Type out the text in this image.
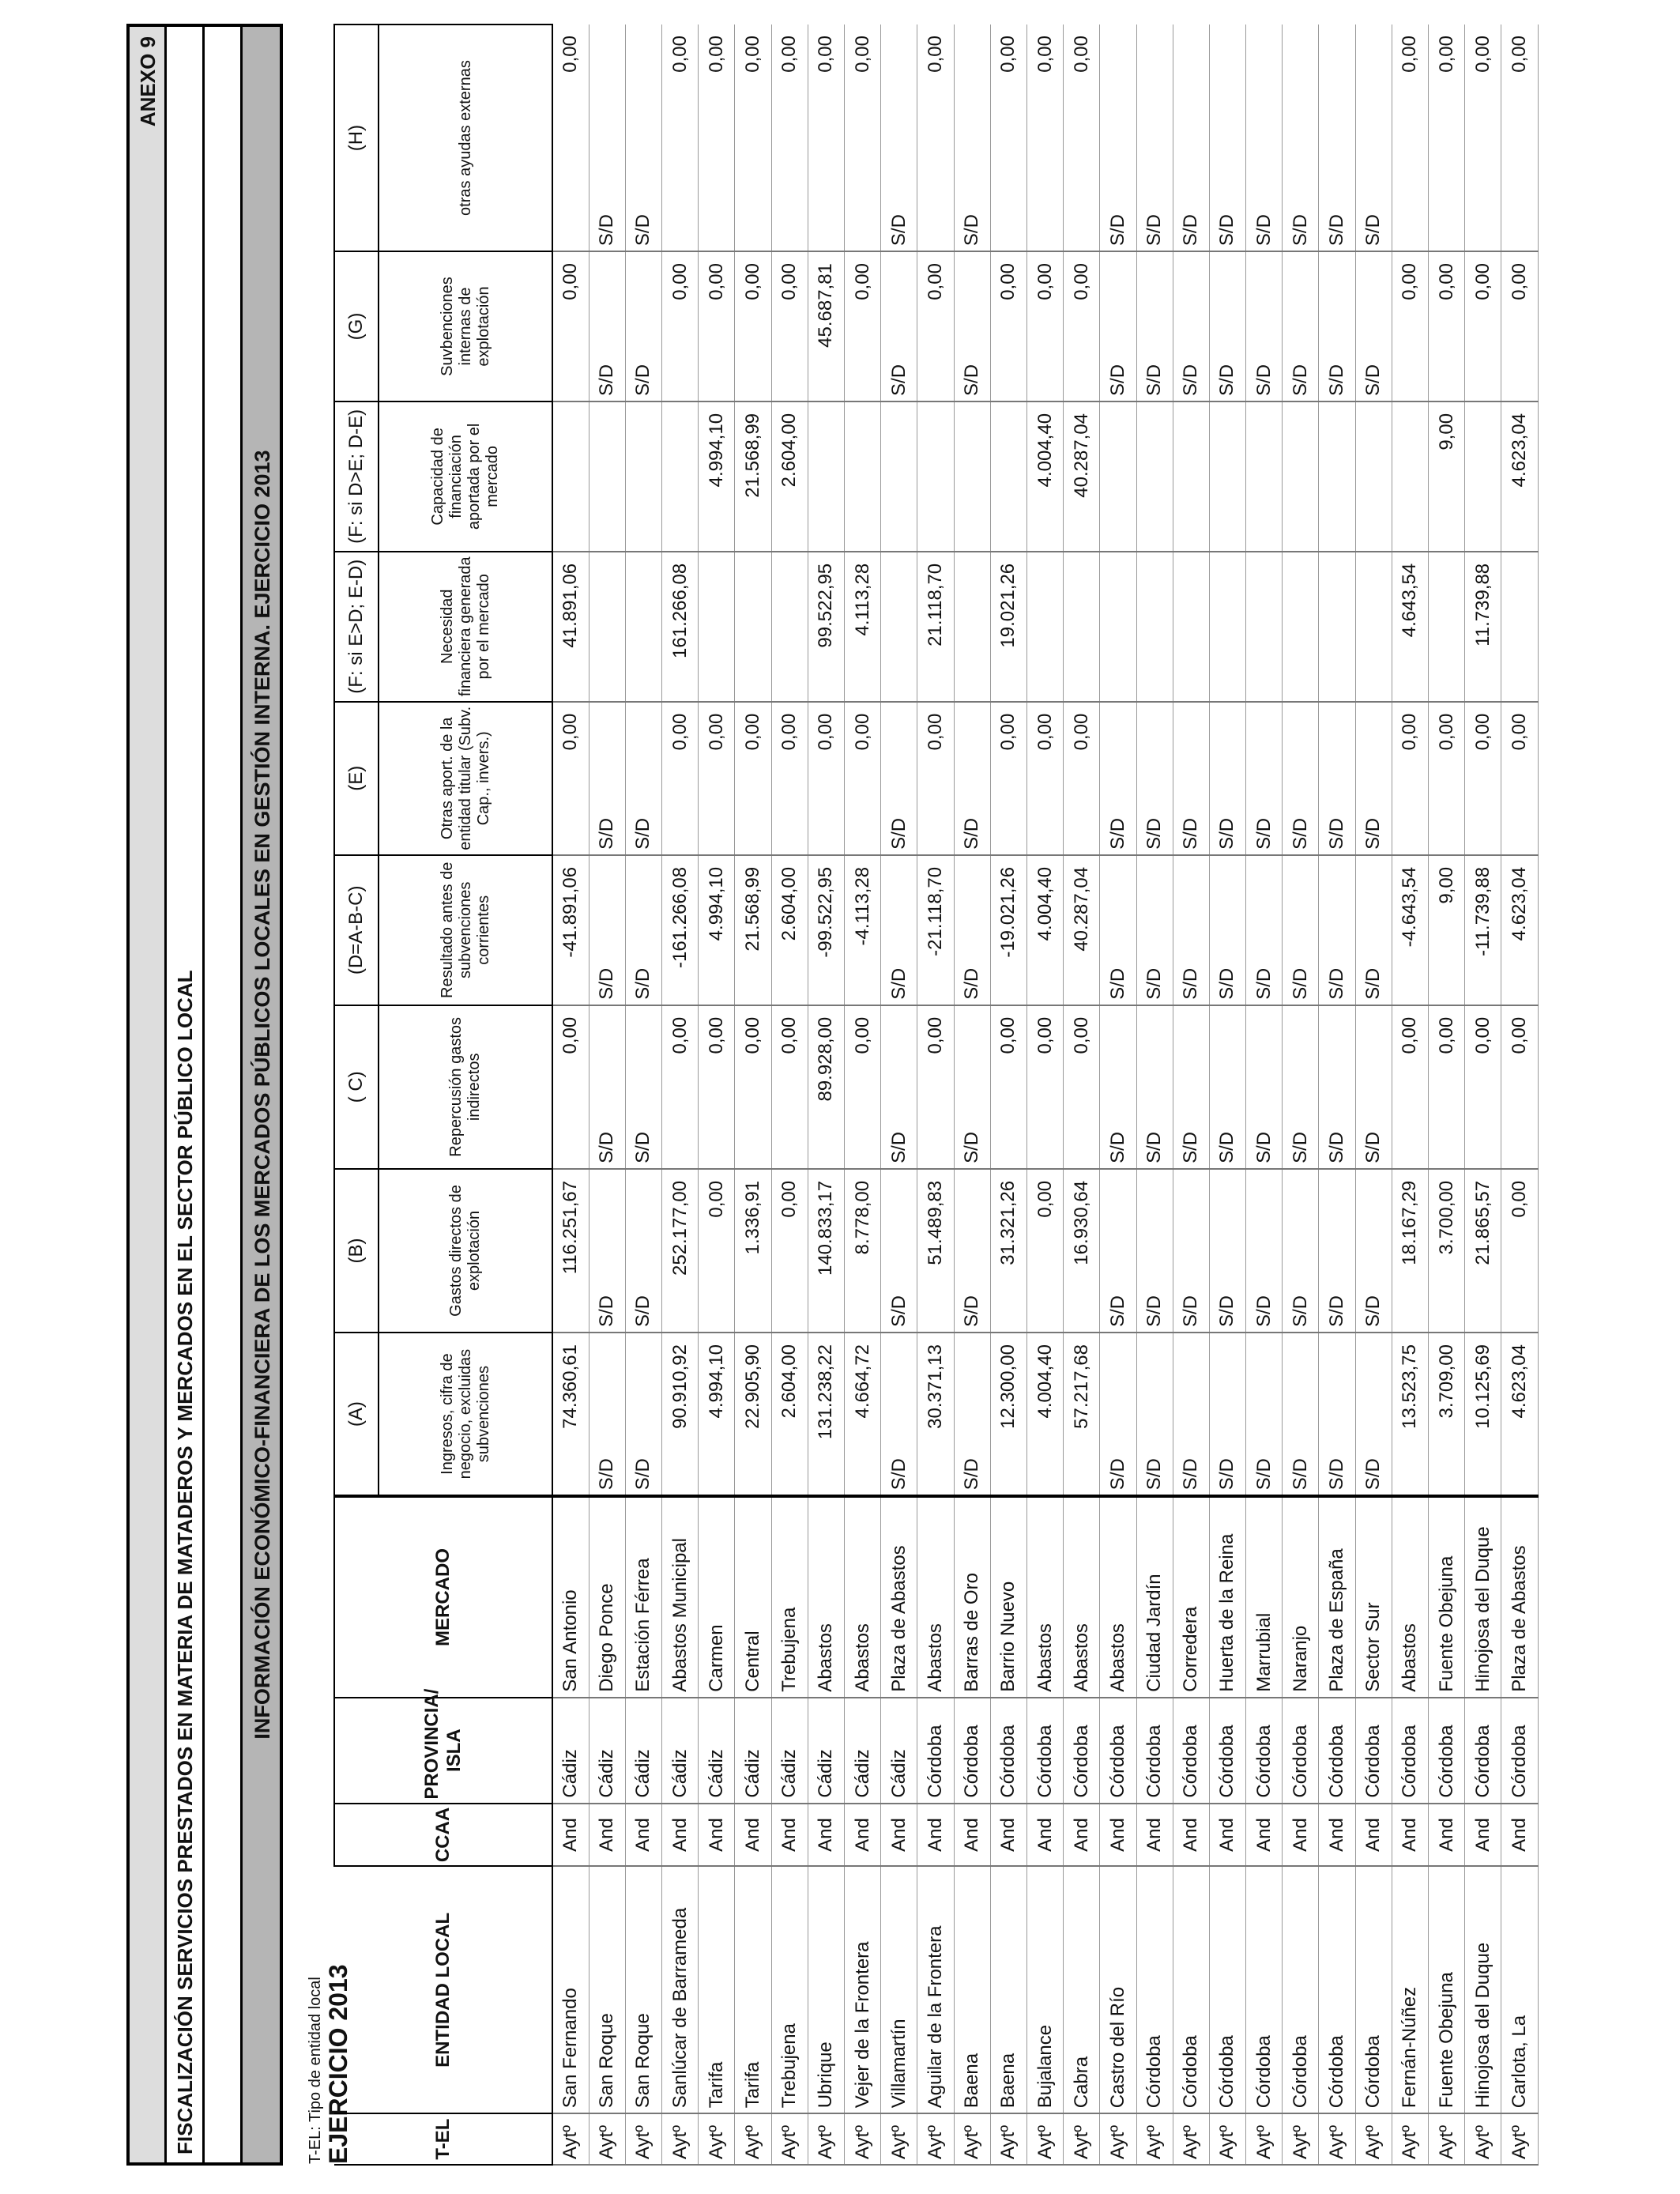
ANEXO 9
FISCALIZACIÓN SERVICIOS PRESTADOS EN MATERIA DE MATADEROS Y MERCADOS EN EL SECTOR PÚBLICO LOCAL	INFORMACIÓN ECONÓMICO-FINANCIERA DE LOS MERCADOS PÚBLICOS LOCALES EN GESTIÓN INTERNA. EJERCICIO 2013
T-EL: Tipo de entidad local EJERCICIO 2013	T-EL	ENTIDAD LOCAL	CCAA	PROVINCIA/ ISLA	MERCADO	(A)	(B)	( C)	(D=A-B-C)	(E)	(F: si E>D; E-D)	(F: si D>E; D-E)	(G)	(H)
					Ingresos, cifra de negocio, excluidas subvenciones	Gastos directos de explotación	Repercusión gastos indirectos	Resultado antes de subvenciones corrientes	Otras aport. de la entidad titular (Subv. Cap., invers.)	Necesidad financiera generada por el mercado	Capacidad de financiación aportada por el mercado	Suvbenciones internas de explotación	otras ayudas externas
Aytº	San Fernando	And	Cádiz	San Antonio	74.360,61	116.251,67	0,00	-41.891,06	0,00	41.891,06		0,00	0,00
Aytº	San Roque	And	Cádiz	Diego Ponce	S/D	S/D	S/D	S/D	S/D			S/D	S/D
Aytº	San Roque	And	Cádiz	Estación Férrea	S/D	S/D	S/D	S/D	S/D			S/D	S/D
Aytº	Sanlúcar de Barrameda	And	Cádiz	Abastos Municipal	90.910,92	252.177,00	0,00	-161.266,08	0,00	161.266,08		0,00	0,00
Aytº	Tarifa	And	Cádiz	Carmen	4.994,10	0,00	0,00	4.994,10	0,00		4.994,10	0,00	0,00
Aytº	Tarifa	And	Cádiz	Central	22.905,90	1.336,91	0,00	21.568,99	0,00		21.568,99	0,00	0,00
Aytº	Trebujena	And	Cádiz	Trebujena	2.604,00	0,00	0,00	2.604,00	0,00		2.604,00	0,00	0,00
Aytº	Ubrique	And	Cádiz	Abastos	131.238,22	140.833,17	89.928,00	-99.522,95	0,00	99.522,95		45.687,81	0,00
Aytº	Vejer de la Frontera	And	Cádiz	Abastos	4.664,72	8.778,00	0,00	-4.113,28	0,00	4.113,28		0,00	0,00
Aytº	Villamartín	And	Cádiz	Plaza de Abastos	S/D	S/D	S/D	S/D	S/D			S/D	S/D
Aytº	Aguilar de la Frontera	And	Córdoba	Abastos	30.371,13	51.489,83	0,00	-21.118,70	0,00	21.118,70		0,00	0,00
Aytº	Baena	And	Córdoba	Barras de Oro	S/D	S/D	S/D	S/D	S/D			S/D	S/D
Aytº	Baena	And	Córdoba	Barrio Nuevo	12.300,00	31.321,26	0,00	-19.021,26	0,00	19.021,26		0,00	0,00
Aytº	Bujalance	And	Córdoba	Abastos	4.004,40	0,00	0,00	4.004,40	0,00		4.004,40	0,00	0,00
Aytº	Cabra	And	Córdoba	Abastos	57.217,68	16.930,64	0,00	40.287,04	0,00		40.287,04	0,00	0,00
Aytº	Castro del Río	And	Córdoba	Abastos	S/D	S/D	S/D	S/D	S/D			S/D	S/D
Aytº	Córdoba	And	Córdoba	Ciudad Jardín	S/D	S/D	S/D	S/D	S/D			S/D	S/D
Aytº	Córdoba	And	Córdoba	Corredera	S/D	S/D	S/D	S/D	S/D			S/D	S/D
Aytº	Córdoba	And	Córdoba	Huerta de la Reina	S/D	S/D	S/D	S/D	S/D			S/D	S/D
Aytº	Córdoba	And	Córdoba	Marrubial	S/D	S/D	S/D	S/D	S/D			S/D	S/D
Aytº	Córdoba	And	Córdoba	Naranjo	S/D	S/D	S/D	S/D	S/D			S/D	S/D
Aytº	Córdoba	And	Córdoba	Plaza de España	S/D	S/D	S/D	S/D	S/D			S/D	S/D
Aytº	Córdoba	And	Córdoba	Sector Sur	S/D	S/D	S/D	S/D	S/D			S/D	S/D
Aytº	Fernán-Núñez	And	Córdoba	Abastos	13.523,75	18.167,29	0,00	-4.643,54	0,00	4.643,54		0,00	0,00
Aytº	Fuente Obejuna	And	Córdoba	Fuente Obejuna	3.709,00	3.700,00	0,00	9,00	0,00		9,00	0,00	0,00
Aytº	Hinojosa del Duque	And	Córdoba	Hinojosa del Duque	10.125,69	21.865,57	0,00	-11.739,88	0,00	11.739,88		0,00	0,00
Aytº	Carlota, La	And	Córdoba	Plaza de Abastos	4.623,04	0,00	0,00	4.623,04	0,00		4.623,04	0,00	0,00
